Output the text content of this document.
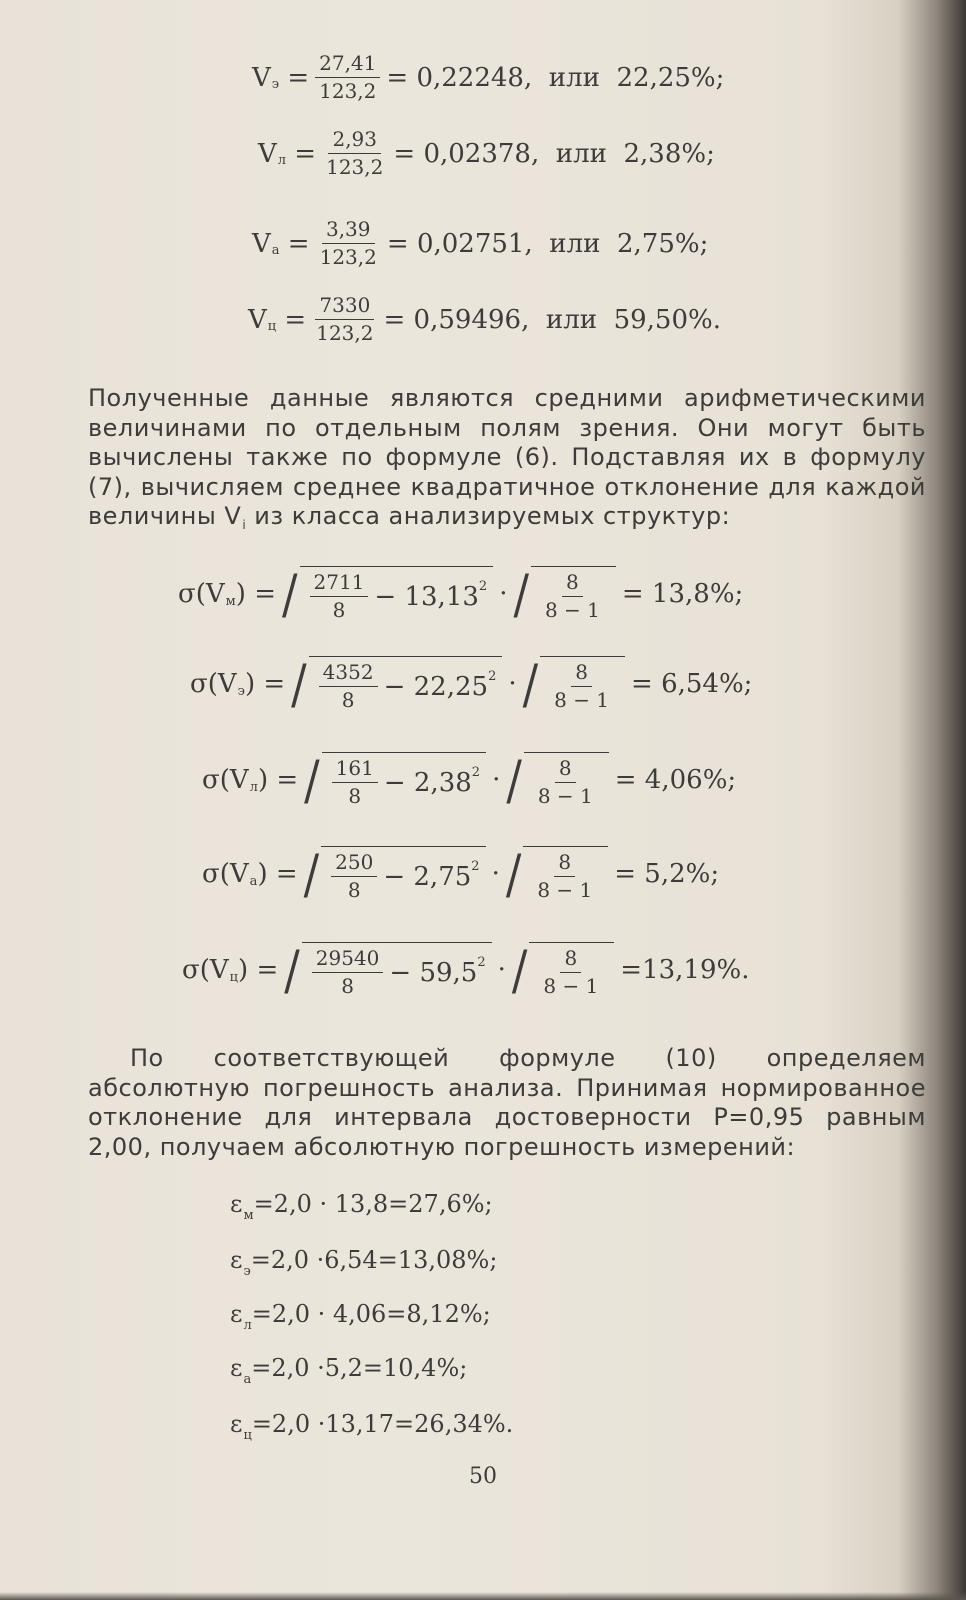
V $э = \frac{27,41}{123,2} = 0,22248$,
или
22,25%;
V $л = \frac{2,93}{123,2} = 0,02378$,
или
2,38%;
V $а = \frac{3,39}{123,2} = 0,02751$,
или
2,75%;
V $ц = \frac{7330}{123,2} = 0,59496$,
или
59,50%.
Полученные данные являются средними арифметическими величинами по отдельным полям зрения. Они могут быть вычислены также по формуле (6). Подставляя их в формулу (7), вычисляем среднее квадратичное отклонение для каждой величины $V_i$ из класса анализируемых структур:
σ(V м ) = / $\frac{2711}{8} - 13,13$ 2 · / $\frac{8}{8 - 1} = 13,8\%$;
σ(V э ) = / $\frac{4352}{8} - 22,25$ 2 · / $\frac{8}{8 - 1} = 6,54\%$;
σ(V л ) = / $\frac{161}{8} - 2,38$ 2 · / $\frac{8}{8 - 1} = 4,06\%$;
σ(V а ) = / $\frac{250}{8} - 2,75$ 2 · / $\frac{8}{8 - 1} = 5,2\%$;
σ(V ц ) = / $\frac{29540}{8} - 59,5$ 2 · / $\frac{8}{8 - 1} =13,19\%$.
По соответствующей формуле (10) определяем абсолютную погрешность анализа. Принимая нормированное отклонение для интервала достоверности P=0,95 равным 2,00, получаем абсолютную погрешность измерений:
$\varepsilon_м=2,0 \cdot 13,8=27,6\%$;
$\varepsilon_э=2,0 \cdot 6,54=13,08\%$;
$\varepsilon_л=2,0 \cdot 4,06=8,12\%$;
$\varepsilon_а=2,0 \cdot 5,2=10,4\%$;
$\varepsilon_ц=2,0 \cdot 13,17=26,34\%$.
50
